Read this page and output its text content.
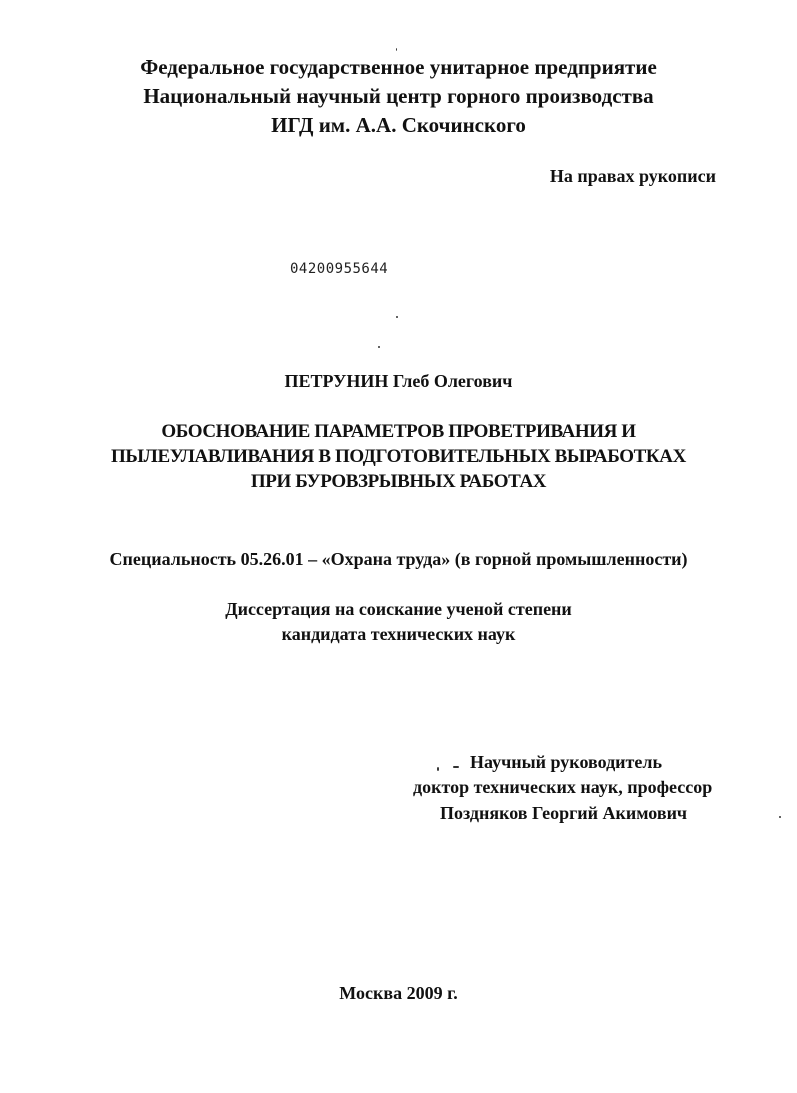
Федеральное государственное унитарное предприятие
Национальный научный центр горного производства
ИГД им. А.А. Скочинского
На правах рукописи
04200955644
ПЕТРУНИН Глеб Олегович
ОБОСНОВАНИЕ ПАРАМЕТРОВ ПРОВЕТРИВАНИЯ И
ПЫЛЕУЛАВЛИВАНИЯ В ПОДГОТОВИТЕЛЬНЫХ ВЫРАБОТКАХ
ПРИ БУРОВЗРЫВНЫХ РАБОТАХ
Специальность 05.26.01 – «Охрана труда» (в горной промышленности)
Диссертация на соискание ученой степени
кандидата технических наук
Научный руководитель
доктор технических наук, профессор
Поздняков Георгий Акимович
Москва 2009 г.
